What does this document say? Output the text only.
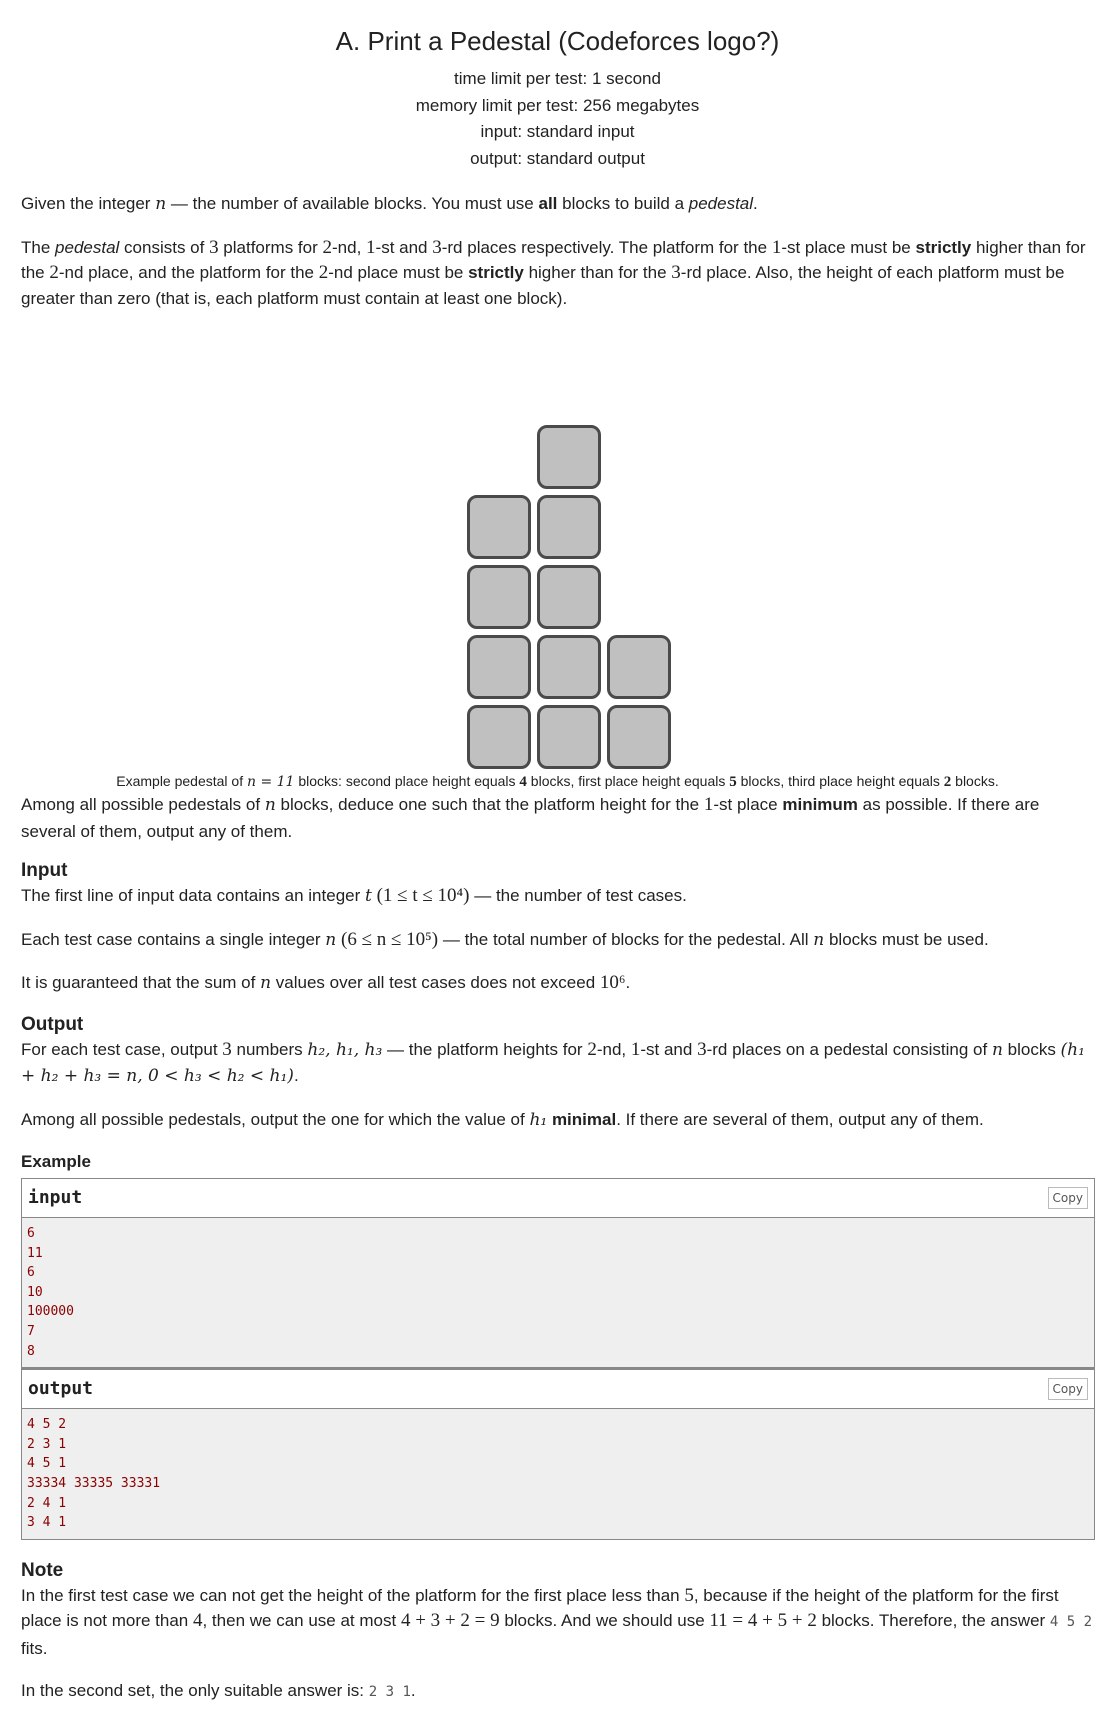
A. Print a Pedestal (Codeforces logo?)
time limit per test: 1 second
memory limit per test: 256 megabytes
input: standard input
output: standard output

Given the integer n — the number of available blocks. You must use all blocks to build a pedestal.

The pedestal consists of 3 platforms for 2-nd, 1-st and 3-rd places respectively. The platform for the 1-st place must be strictly higher than for the 2-nd place, and the platform for the 2-nd place must be strictly higher than for the 3-rd place. Also, the height of each platform must be greater than zero (that is, each platform must contain at least one block).

Example pedestal of n = 11 blocks: second place height equals 4 blocks, first place height equals 5 blocks, third place height equals 2 blocks.

Among all possible pedestals of n blocks, deduce one such that the platform height for the 1-st place minimum as possible. If there are several of them, output any of them.

Input

The first line of input data contains an integer t (1 ≤ t ≤ 10⁴) — the number of test cases.

Each test case contains a single integer n (6 ≤ n ≤ 10⁵) — the total number of blocks for the pedestal. All n blocks must be used.

It is guaranteed that the sum of n values over all test cases does not exceed 10⁶.

Output

For each test case, output 3 numbers h₂, h₁, h₃ — the platform heights for 2-nd, 1-st and 3-rd places on a pedestal consisting of n blocks (h₁ + h₂ + h₃ = n, 0 < h₃ < h₂ < h₁).

Among all possible pedestals, output the one for which the value of h₁ minimal. If there are several of them, output any of them.

Example
input	Copy
6
11
6
10
100000
7
8
output	Copy
4 5 2
2 3 1
4 5 1
33334 33335 33331
2 4 1
3 4 1
Note

In the first test case we can not get the height of the platform for the first place less than 5, because if the height of the platform for the first place is not more than 4, then we can use at most 4 + 3 + 2 = 9 blocks. And we should use 11 = 4 + 5 + 2 blocks. Therefore, the answer 4 5 2 fits.

In the second set, the only suitable answer is: 2 3 1.
